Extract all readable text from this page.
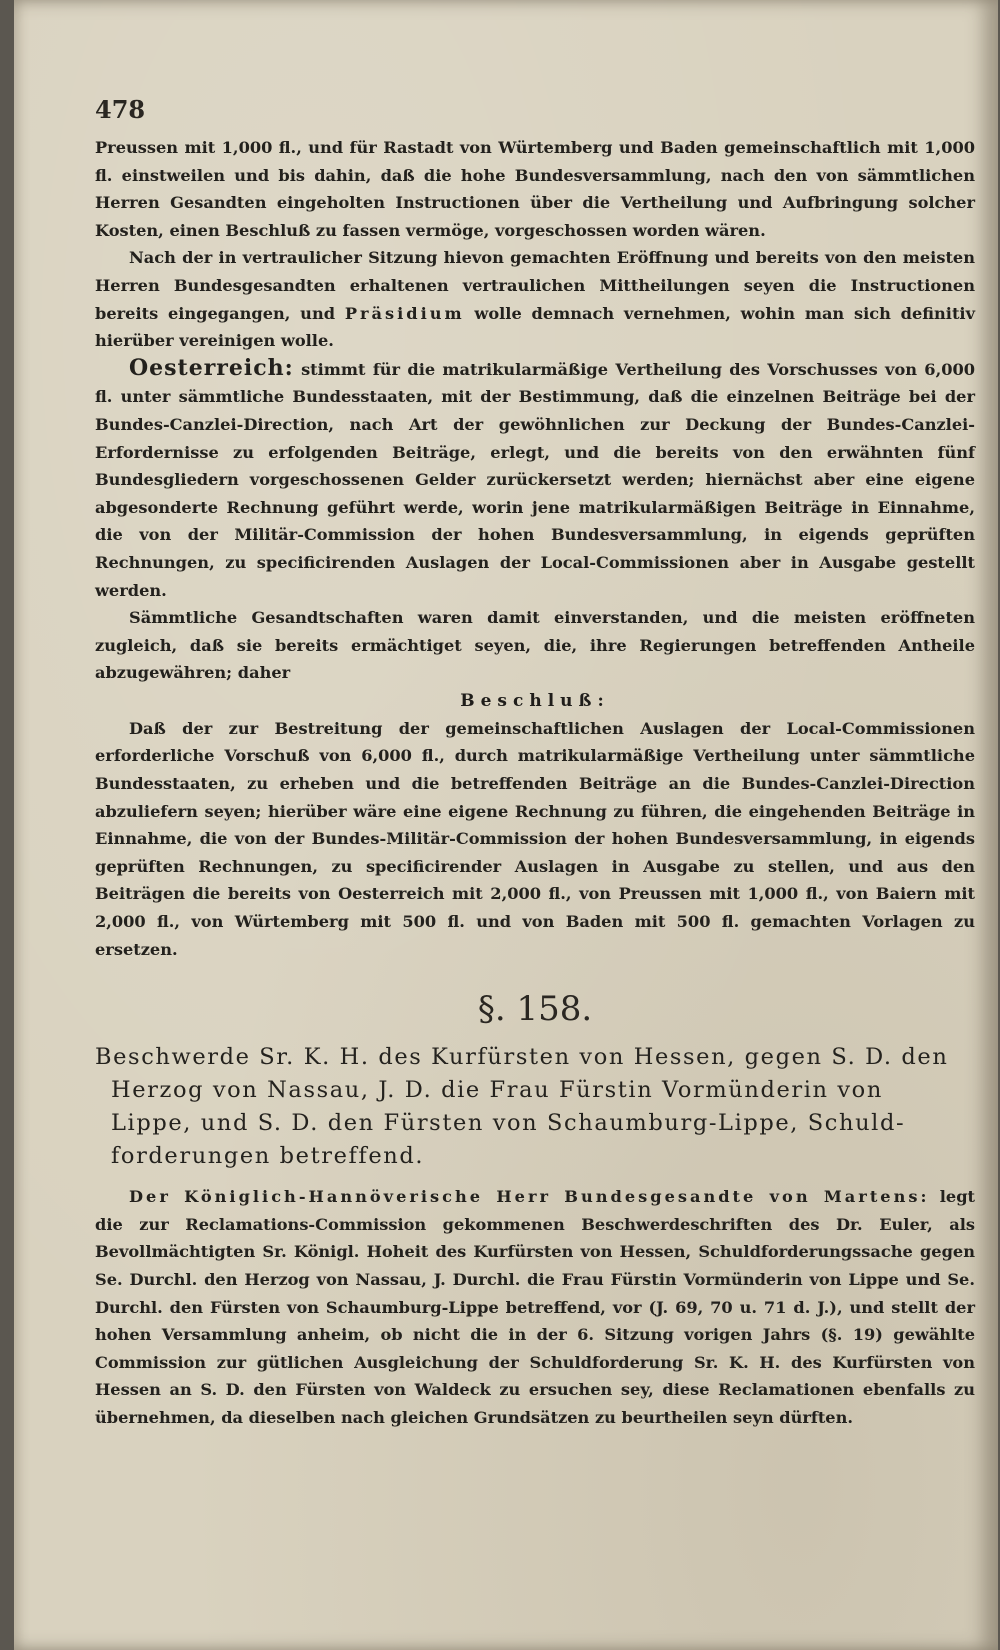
478

Preussen mit 1,000 fl., und für Rastadt von Würtemberg und Baden gemeinschaftlich mit 1,000 fl. einstweilen und bis dahin, daß die hohe Bundesversammlung, nach den von sämmtlichen Herren Gesandten eingeholten Instructionen über die Vertheilung und Aufbringung solcher Kosten, einen Beschluß zu fassen vermöge, vorgeschossen worden wären.

Nach der in vertraulicher Sitzung hievon gemachten Eröffnung und bereits von den meisten Herren Bundesgesandten erhaltenen vertraulichen Mittheilungen seyen die Instructionen bereits eingegangen, und Präsidium wolle demnach vernehmen, wohin man sich definitiv hierüber vereinigen wolle.

Oesterreich: stimmt für die matrikularmäßige Vertheilung des Vorschusses von 6,000 fl. unter sämmtliche Bundesstaaten, mit der Bestimmung, daß die einzelnen Beiträge bei der Bundes-Canzlei-Direction, nach Art der gewöhnlichen zur Deckung der Bundes-Canzlei-Erfordernisse zu erfolgenden Beiträge, erlegt, und die bereits von den erwähnten fünf Bundesgliedern vorgeschossenen Gelder zurückersetzt werden; hiernächst aber eine eigene abgesonderte Rechnung geführt werde, worin jene matrikularmäßigen Beiträge in Einnahme, die von der Militär-Commission der hohen Bundesversammlung, in eigends geprüften Rechnungen, zu specificirenden Auslagen der Local-Commissionen aber in Ausgabe gestellt werden.

Sämmtliche Gesandtschaften waren damit einverstanden, und die meisten eröffneten zugleich, daß sie bereits ermächtiget seyen, die, ihre Regierungen betreffenden Antheile abzugewähren; daher

Beschluß:

Daß der zur Bestreitung der gemeinschaftlichen Auslagen der Local-Commissionen erforderliche Vorschuß von 6,000 fl., durch matrikularmäßige Vertheilung unter sämmtliche Bundesstaaten, zu erheben und die betreffenden Beiträge an die Bundes-Canzlei-Direction abzuliefern seyen; hierüber wäre eine eigene Rechnung zu führen, die eingehenden Beiträge in Einnahme, die von der Bundes-Militär-Commission der hohen Bundesversammlung, in eigends geprüften Rechnungen, zu specificirender Auslagen in Ausgabe zu stellen, und aus den Beiträgen die bereits von Oesterreich mit 2,000 fl., von Preussen mit 1,000 fl., von Baiern mit 2,000 fl., von Würtemberg mit 500 fl. und von Baden mit 500 fl. gemachten Vorlagen zu ersetzen.

§. 158.
Beschwerde Sr. K. H. des Kurfürsten von Hessen, gegen S. D. den
Herzog von Nassau, J. D. die Frau Fürstin Vormünderin von
Lippe, und S. D. den Fürsten von Schaumburg-Lippe, Schuld-
forderungen betreffend.

Der Königlich-Hannöverische Herr Bundesgesandte von Martens: legt die zur Reclamations-Commission gekommenen Beschwerdeschriften des Dr. Euler, als Bevollmächtigten Sr. Königl. Hoheit des Kurfürsten von Hessen, Schuldforderungssache gegen Se. Durchl. den Herzog von Nassau, J. Durchl. die Frau Fürstin Vormünderin von Lippe und Se. Durchl. den Fürsten von Schaumburg-Lippe betreffend, vor (J. 69, 70 u. 71 d. J.), und stellt der hohen Versammlung anheim, ob nicht die in der 6. Sitzung vorigen Jahrs (§. 19) gewählte Commission zur gütlichen Ausgleichung der Schuldforderung Sr. K. H. des Kurfürsten von Hessen an S. D. den Fürsten von Waldeck zu ersuchen sey, diese Reclamationen ebenfalls zu übernehmen, da dieselben nach gleichen Grundsätzen zu beurtheilen seyn dürften.
